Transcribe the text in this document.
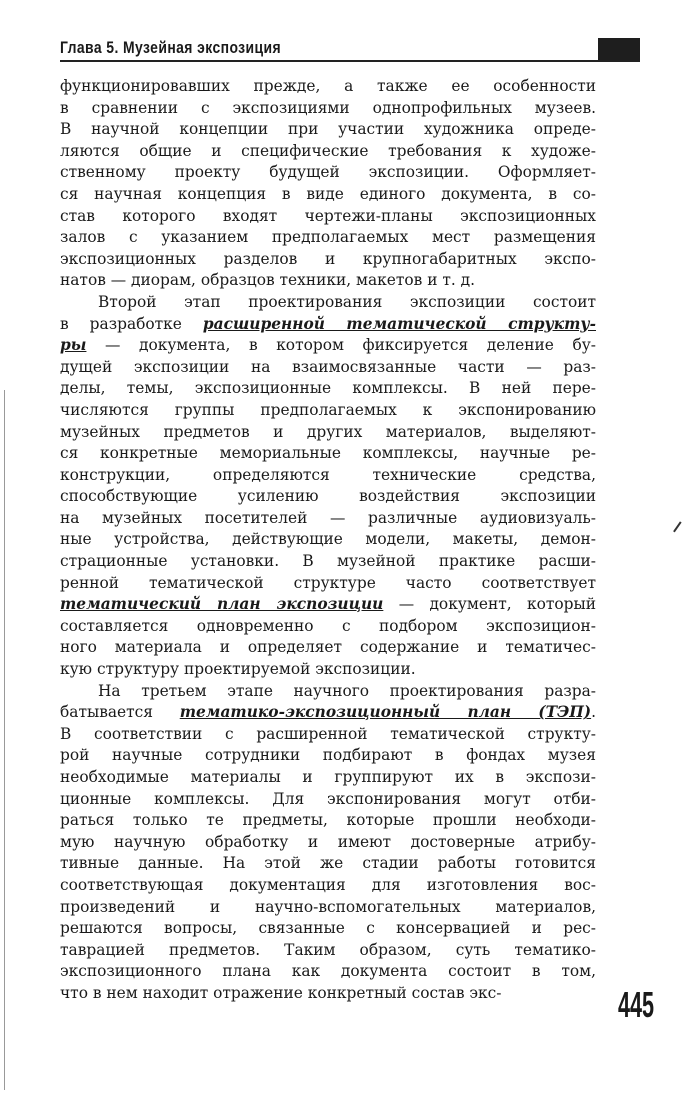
Глава 5. Музейная экспозиция
функционировавших прежде, а также ее особенности
в сравнении с экспозициями однопрофильных музеев.
В научной концепции при участии художника опреде-
ляются общие и специфические требования к художе-
ственному проекту будущей экспозиции. Оформляет-
ся научная концепция в виде единого документа, в со-
став которого входят чертежи-планы экспозиционных
залов с указанием предполагаемых мест размещения
экспозиционных разделов и крупногабаритных экспо-
натов — диорам, образцов техники, макетов и т. д.
Второй этап проектирования экспозиции состоит
в разработке расширенной тематической структу-
ры — документа, в котором фиксируется деление бу-
дущей экспозиции на взаимосвязанные части — раз-
делы, темы, экспозиционные комплексы. В ней пере-
числяются группы предполагаемых к экспонированию
музейных предметов и других материалов, выделяют-
ся конкретные мемориальные комплексы, научные ре-
конструкции, определяются технические средства,
способствующие усилению воздействия экспозиции
на музейных посетителей — различные аудиовизуаль-
ные устройства, действующие модели, макеты, демон-
страционные установки. В музейной практике расши-
ренной тематической структуре часто соответствует
тематический план экспозиции — документ, который
составляется одновременно с подбором экспозицион-
ного материала и определяет содержание и тематичес-
кую структуру проектируемой экспозиции.
На третьем этапе научного проектирования разра-
батывается тематико-экспозиционный план (ТЭП).
В соответствии с расширенной тематической структу-
рой научные сотрудники подбирают в фондах музея
необходимые материалы и группируют их в экспози-
ционные комплексы. Для экспонирования могут отби-
раться только те предметы, которые прошли необходи-
мую научную обработку и имеют достоверные атрибу-
тивные данные. На этой же стадии работы готовится
соответствующая документация для изготовления вос-
произведений и научно-вспомогательных материалов,
решаются вопросы, связанные с консервацией и рес-
таврацией предметов. Таким образом, суть тематико-
экспозиционного плана как документа состоит в том,
что в нем находит отражение конкретный состав экс-	445
